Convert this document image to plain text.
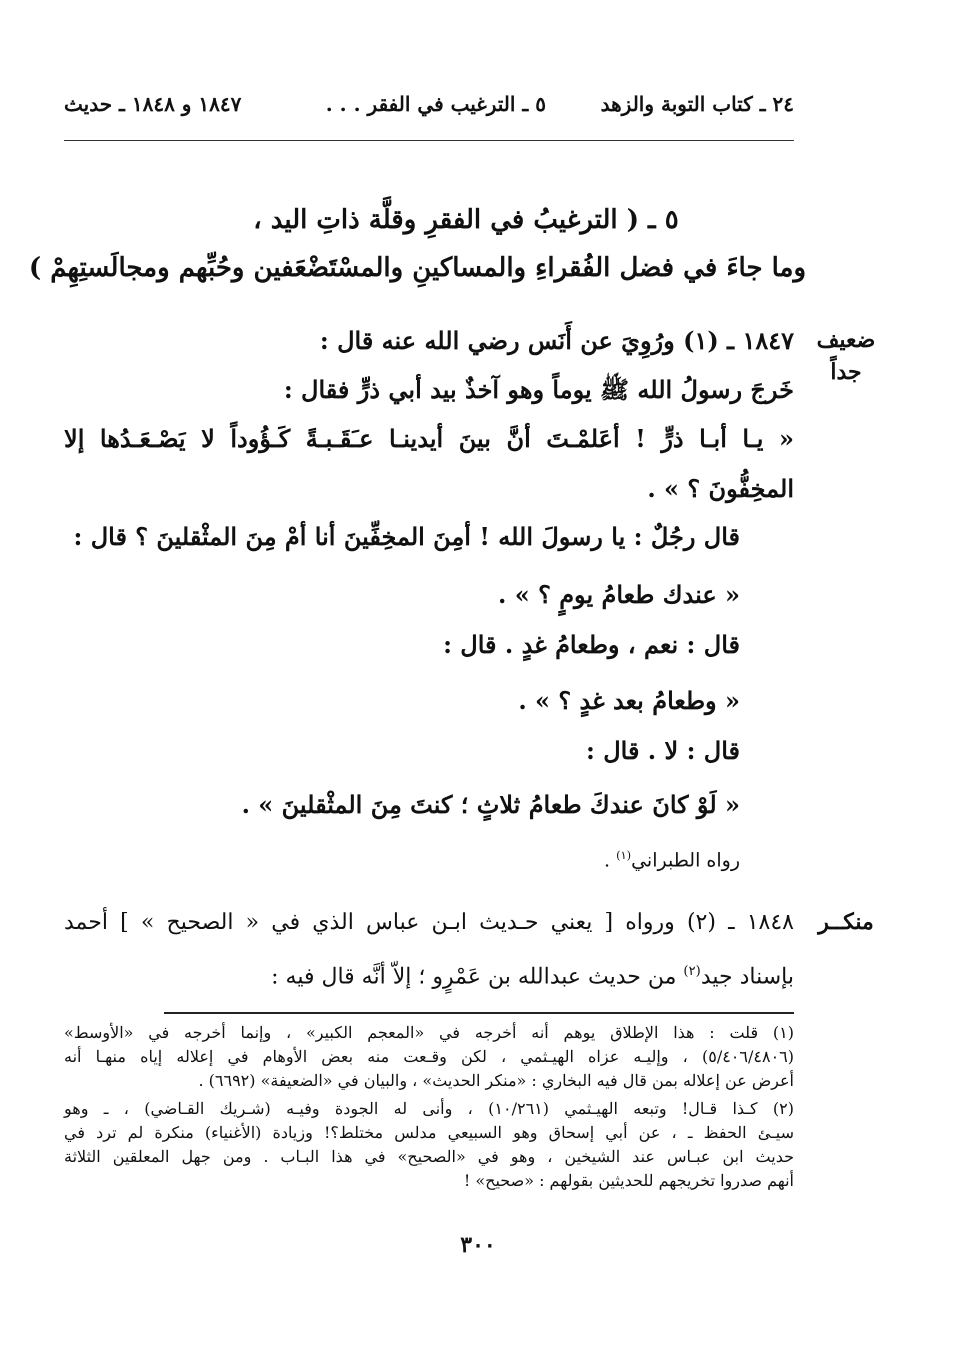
٢٤ ـ كتاب التوبة والزهد
٥ ـ الترغيب في الفقر . . .
١٨٤٧ و ١٨٤٨ ـ حديث
٥ ـ ( الترغيبُ في الفقرِ وقلَّة ذاتِ اليد ،
وما جاءَ في فضل الفُقراءِ والمساكينِ والمسْتَضْعَفين وحُبِّهم ومجالَستِهِمْ )
ضعيف
جداً
منكــر
١٨٤٧ ـ (١) ورُوِيَ عن أَنَس رضي الله عنه قال :
خَرجَ رسولُ الله ﷺ يوماً وهو آخذٌ بيد أبي ذرٍّ فقال :
« يـا أبـا ذرٍّ ! أعَلمْـتَ أنَّ بينَ أيدينـا عـَقَـبـةً كَـؤُوداً لا يَصْـعَـدُها إلا
المخِفُّونَ ؟ » .
قال رجُلٌ : يا رسولَ الله ! أمِنَ المخِفِّينَ أنا أمْ مِنَ المثْقلينَ ؟ قال :
« عندك طعامُ يومٍ ؟ » .
قال : نعم ، وطعامُ غدٍ . قال :
« وطعامُ بعد غدٍ ؟ » .
قال : لا . قال :
« لَوْ كانَ عندكَ طعامُ ثلاثٍ ؛ كنتَ مِنَ المثْقلينَ » .
رواه الطبراني$^{(١)}$ .
١٨٤٨ ـ (٢) ورواه [ يعني حـديث ابـن عباس الذي في « الصحيح » ] أحمد
بإسناد جيد$^{(٢)}$ من حديث عبدالله بن عَمْرٍو ؛ إلاّ أنَّه قال فيه :
(١) قلت : هذا الإطلاق يوهم أنه أخرجه في «المعجم الكبير» ، وإنما أخرجه في «الأوسط»
(٥/٤٠٦/٤٨٠٦) ، وإليـه عزاه الهيـثمي ، لكن وقـعت منه بعض الأوهام في إعلاله إياه منهـا أنه
أعرض عن إعلاله بمن قال فيه البخاري : «منكر الحديث» ، والبيان في «الضعيفة» (٦٦٩٢) .
(٢) كـذا قـال! وتبعه الهيـثمي (١٠/٢٦١) ، وأنى له الجودة وفيـه (شـريك القـاضي) ، ـ وهو
سيـئ الحفظ ـ ، عن أبي إسحاق وهو السبيعي مدلس مختلط؟! وزيادة (الأغنياء) منكرة لم ترد في
حديث ابن عبـاس عند الشيخين ، وهو في «الصحيح» في هذا البـاب . ومن جهل المعلقين الثلاثة
أنهم صدروا تخريجهم للحديثين بقولهم : «صحيح» !
٣٠٠
